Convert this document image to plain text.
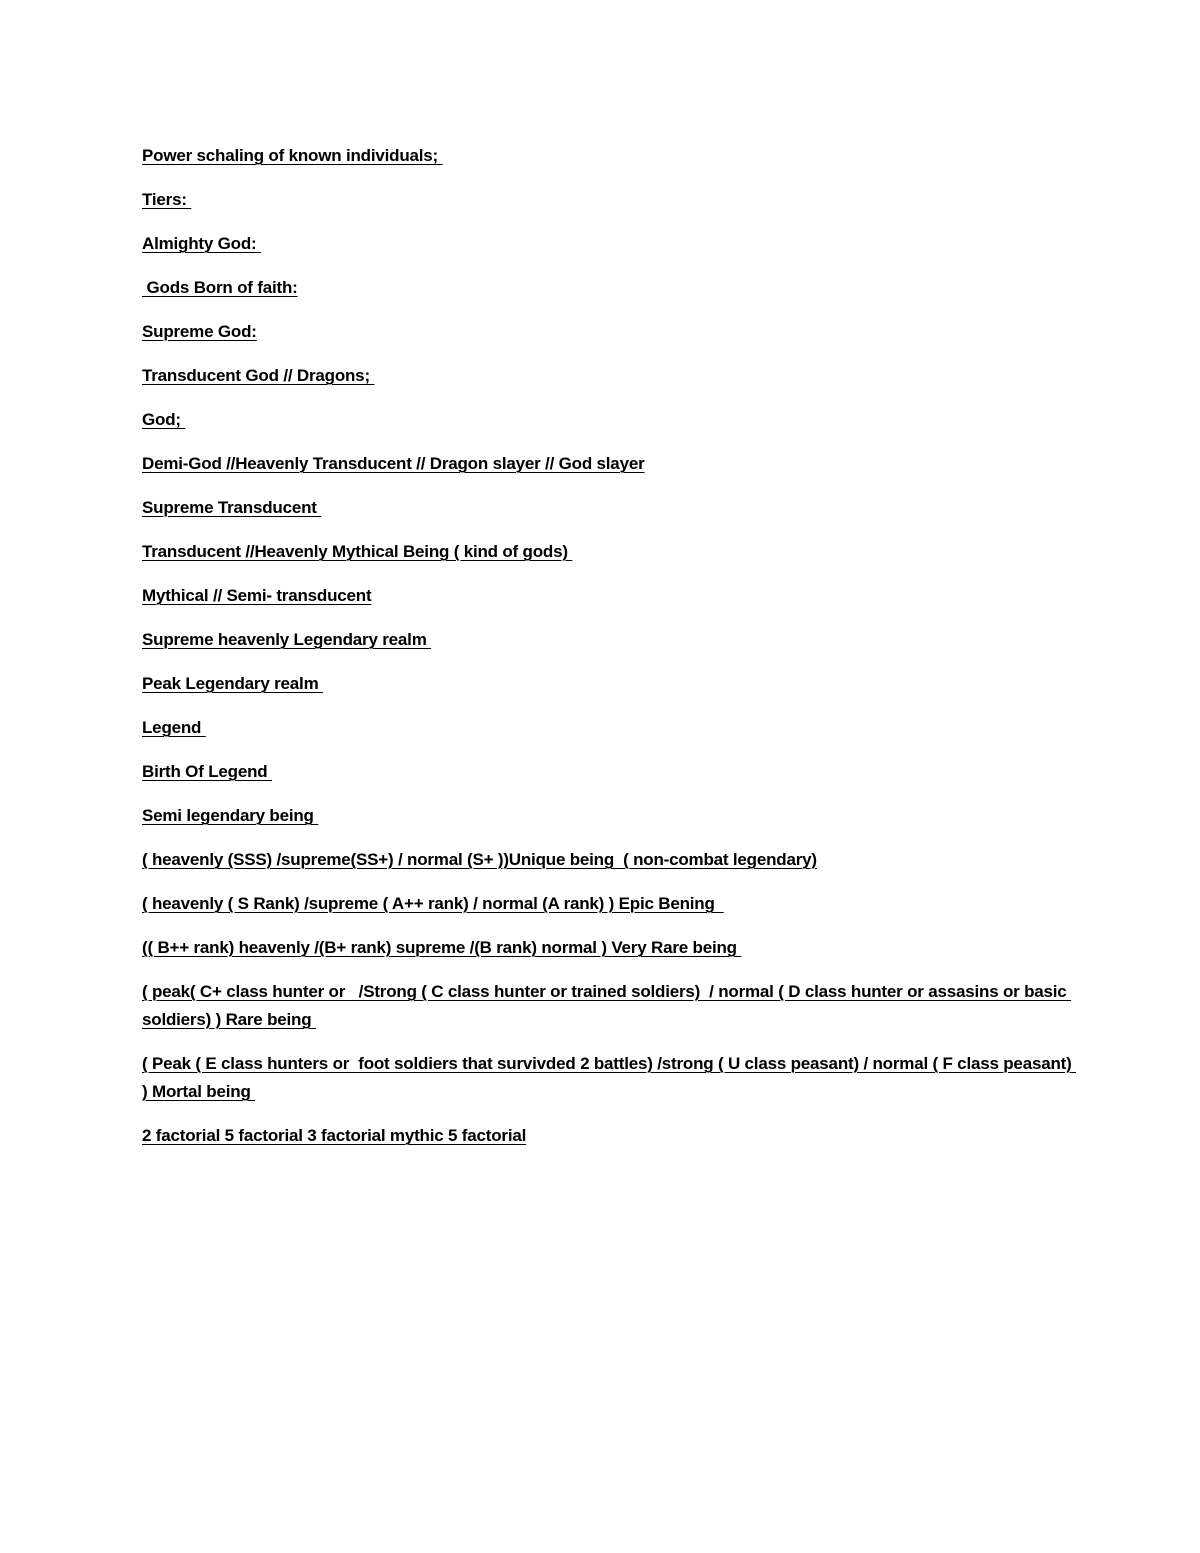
Power schaling of known individuals;

Tiers:

Almighty God:

Gods Born of faith:

Supreme God:

Transducent God // Dragons;

God;

Demi-God //Heavenly Transducent // Dragon slayer // God slayer

Supreme Transducent

Transducent //Heavenly Mythical Being ( kind of gods)

Mythical // Semi- transducent

Supreme heavenly Legendary realm

Peak Legendary realm

Legend

Birth Of Legend

Semi legendary being

( heavenly (SSS) /supreme(SS+) / normal (S+ ))Unique being  ( non-combat legendary)

( heavenly ( S Rank) /supreme ( A++ rank) / normal (A rank) ) Epic Bening

(( B++ rank) heavenly /(B+ rank) supreme /(B rank) normal ) Very Rare being

( peak( C+ class hunter or   /Strong ( C class hunter or trained soldiers)  / normal ( D class hunter or assasins or basic soldiers) ) Rare being

( Peak ( E class hunters or  foot soldiers that survivded 2 battles) /strong ( U class peasant) / normal ( F class peasant) ) Mortal being

2 factorial 5 factorial 3 factorial mythic 5 factorial
